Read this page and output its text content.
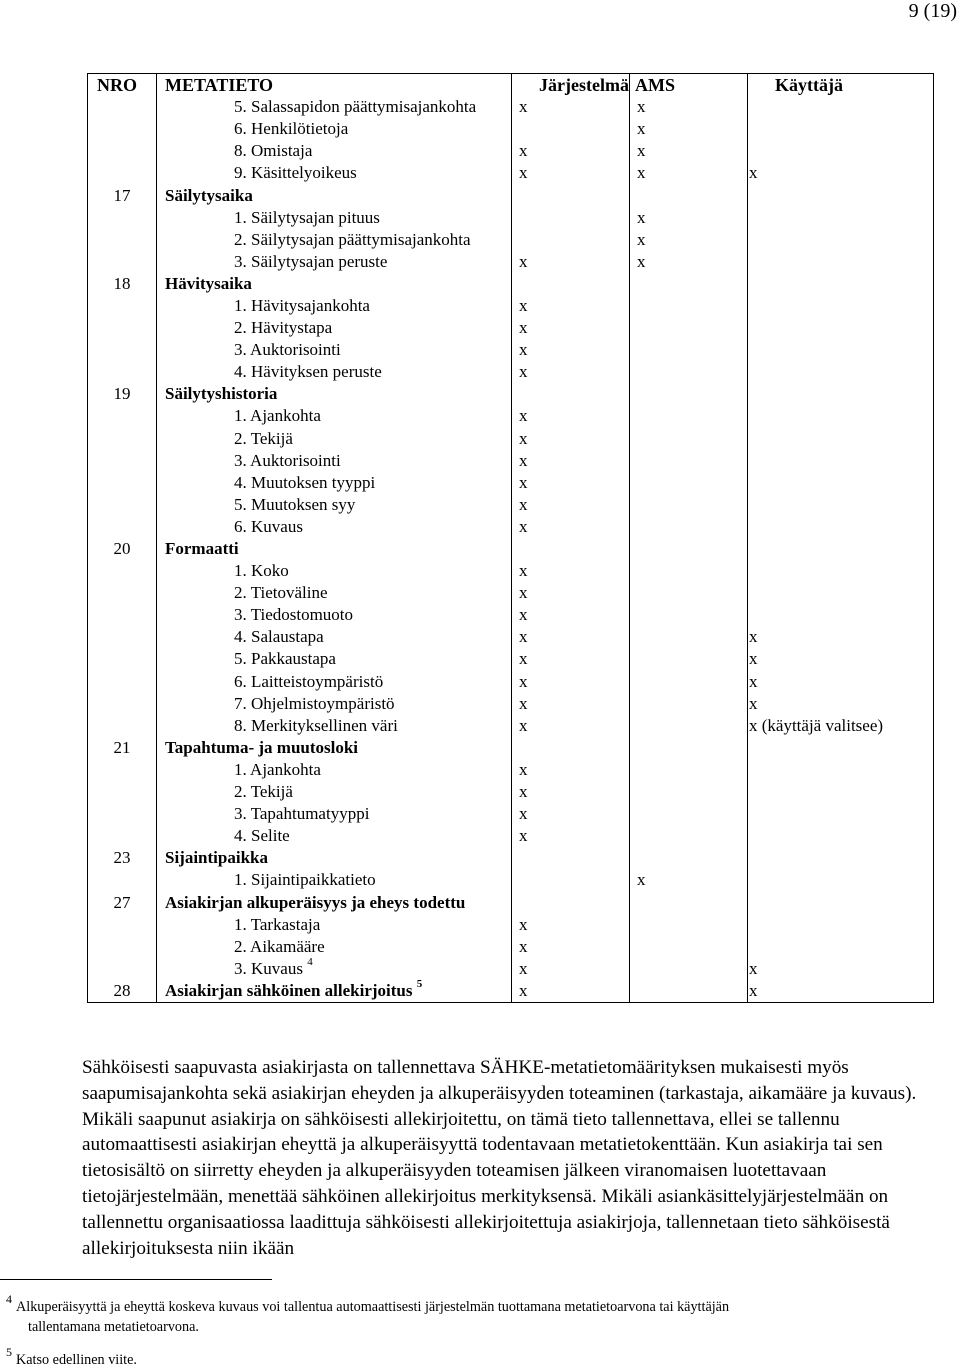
9 (19)
NRO	METATIETO	Järjestelmä	AMS	Käyttäjä
	5. Salassapidon päättymisajankohta	x	x	
	6. Henkilötietoja		x	
	8. Omistaja	x	x	
	9. Käsittelyoikeus	x	x	x
17	Säilytysaika			
	1. Säilytysajan pituus		x	
	2. Säilytysajan päättymisajankohta		x	
	3. Säilytysajan peruste	x	x	
18	Hävitysaika			
	1. Hävitysajankohta	x		
	2. Hävitystapa	x		
	3. Auktorisointi	x		
	4. Hävityksen peruste	x		
19	Säilytyshistoria			
	1. Ajankohta	x		
	2. Tekijä	x		
	3. Auktorisointi	x		
	4. Muutoksen tyyppi	x		
	5. Muutoksen syy	x		
	6. Kuvaus	x		
20	Formaatti			
	1. Koko	x		
	2. Tietoväline	x		
	3. Tiedostomuoto	x		
	4. Salaustapa	x		x
	5. Pakkaustapa	x		x
	6. Laitteistoympäristö	x		x
	7. Ohjelmistoympäristö	x		x
	8. Merkityksellinen väri	x		x (käyttäjä valitsee)
21	Tapahtuma- ja muutosloki			
	1. Ajankohta	x		
	2. Tekijä	x		
	3. Tapahtumatyyppi	x		
	4. Selite	x		
23	Sijaintipaikka			
	1. Sijaintipaikkatieto		x	
27	Asiakirjan alkuperäisyys ja eheys todettu			
	1. Tarkastaja	x		
	2. Aikamääre	x		
	3. Kuvaus $^4$	x		x
28	Asiakirjan sähköinen allekirjoitus $^5$	x		x

Sähköisesti saapuvasta asiakirjasta on tallennettava SÄHKE-metatietomäärityksen mukaisesti myös saapumisajankohta sekä asiakirjan eheyden ja alkuperäisyyden toteaminen (tarkastaja, aikamääre ja kuvaus). Mikäli saapunut asiakirja on sähköisesti allekirjoitettu, on tämä tieto tallennettava, ellei se tallennu automaattisesti asiakirjan eheyttä ja alkuperäisyyttä todentavaan metatietokenttään. Kun asiakirja tai sen tietosisältö on siirretty eheyden ja alkuperäisyyden toteamisen jälkeen viranomaisen luotettavaan tietojärjestelmään, menettää sähköinen allekirjoitus merkityksensä. Mikäli asiankäsittelyjärjestelmään on tallennettu organisaatiossa laadittuja sähköisesti allekirjoitettuja asiakirjoja, tallennetaan tieto sähköisestä allekirjoituksesta niin ikään

$^4$ Alkuperäisyyttä ja eheyttä koskeva kuvaus voi tallentua automaattisesti järjestelmän tuottamana metatietoarvona tai käyttäjän
tallentamana metatietoarvona.

$^5$ Katso edellinen viite.
